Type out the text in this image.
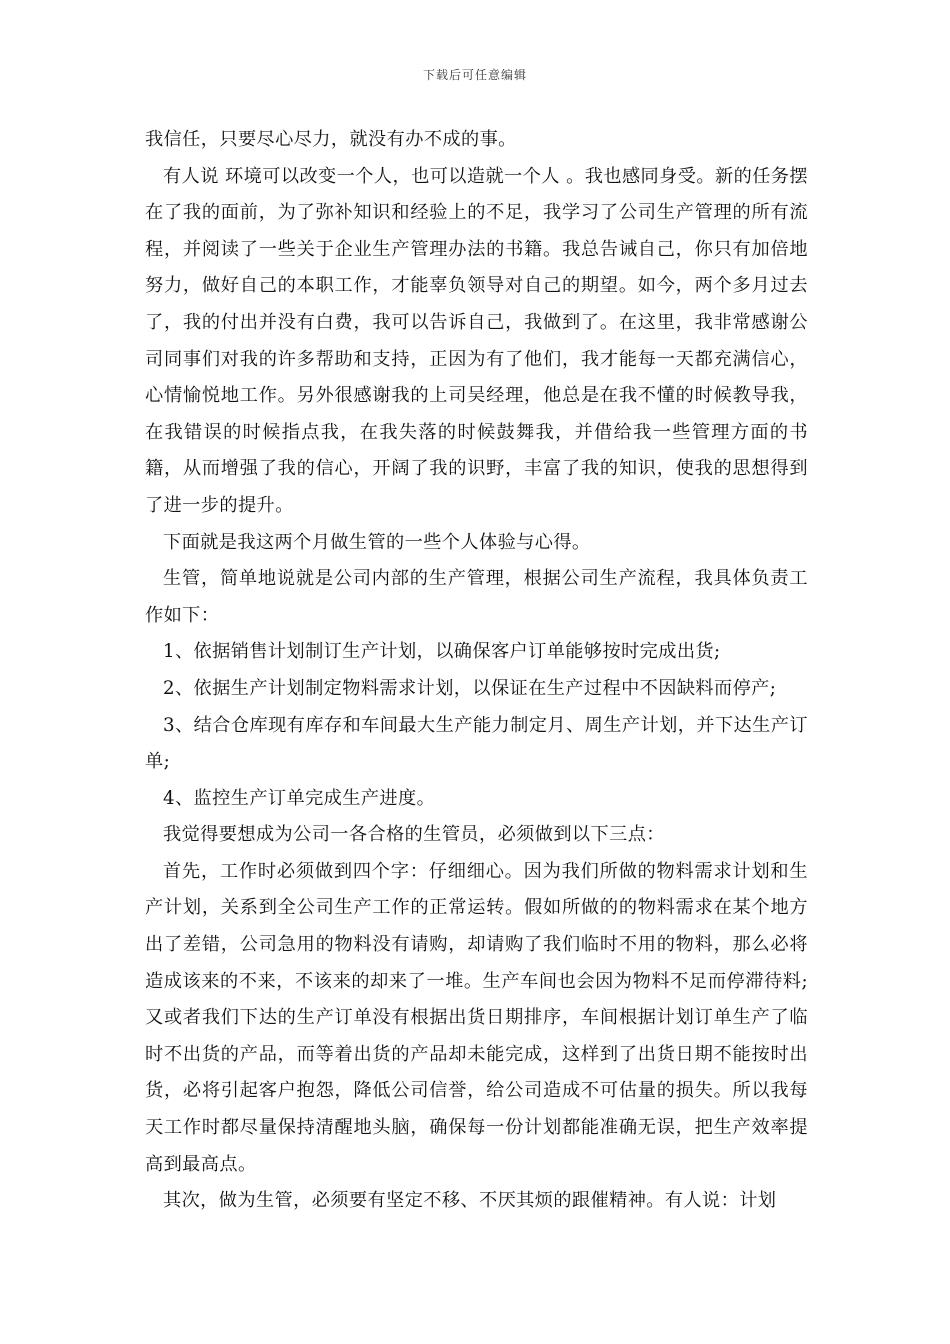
下载后可任意编辑

我信任，只要尽心尽力，就没有办不成的事。

有人说 环境可以改变一个人，也可以造就一个人 。我也感同身受。新的任务摆在了我的面前，为了弥补知识和经验上的不足，我学习了公司生产管理的所有流程，并阅读了一些关于企业生产管理办法的书籍。我总告诫自己，你只有加倍地努力，做好自己的本职工作，才能辜负领导对自己的期望。如今，两个多月过去了，我的付出并没有白费，我可以告诉自己，我做到了。在这里，我非常感谢公司同事们对我的许多帮助和支持，正因为有了他们，我才能每一天都充满信心，心情愉悦地工作。另外很感谢我的上司吴经理，他总是在我不懂的时候教导我，在我错误的时候指点我，在我失落的时候鼓舞我，并借给我一些管理方面的书籍，从而增强了我的信心，开阔了我的识野，丰富了我的知识，使我的思想得到了进一步的提升。

下面就是我这两个月做生管的一些个人体验与心得。

生管，简单地说就是公司内部的生产管理，根据公司生产流程，我具体负责工作如下：

1、依据销售计划制订生产计划，以确保客户订单能够按时完成出货;

2、依据生产计划制定物料需求计划，以保证在生产过程中不因缺料而停产;

3、结合仓库现有库存和车间最大生产能力制定月、周生产计划，并下达生产订单;

4、监控生产订单完成生产进度。

我觉得要想成为公司一各合格的生管员，必须做到以下三点：

首先，工作时必须做到四个字：仔细细心。因为我们所做的物料需求计划和生产计划，关系到全公司生产工作的正常运转。假如所做的的物料需求在某个地方出了差错，公司急用的物料没有请购，却请购了我们临时不用的物料，那么必将造成该来的不来，不该来的却来了一堆。生产车间也会因为物料不足而停滞待料;又或者我们下达的生产订单没有根据出货日期排序，车间根据计划订单生产了临时不出货的产品，而等着出货的产品却未能完成，这样到了出货日期不能按时出货，必将引起客户抱怨，降低公司信誉，给公司造成不可估量的损失。所以我每天工作时都尽量保持清醒地头脑，确保每一份计划都能准确无误，把生产效率提高到最高点。

其次，做为生管，必须要有坚定不移、不厌其烦的跟催精神。有人说：计划
